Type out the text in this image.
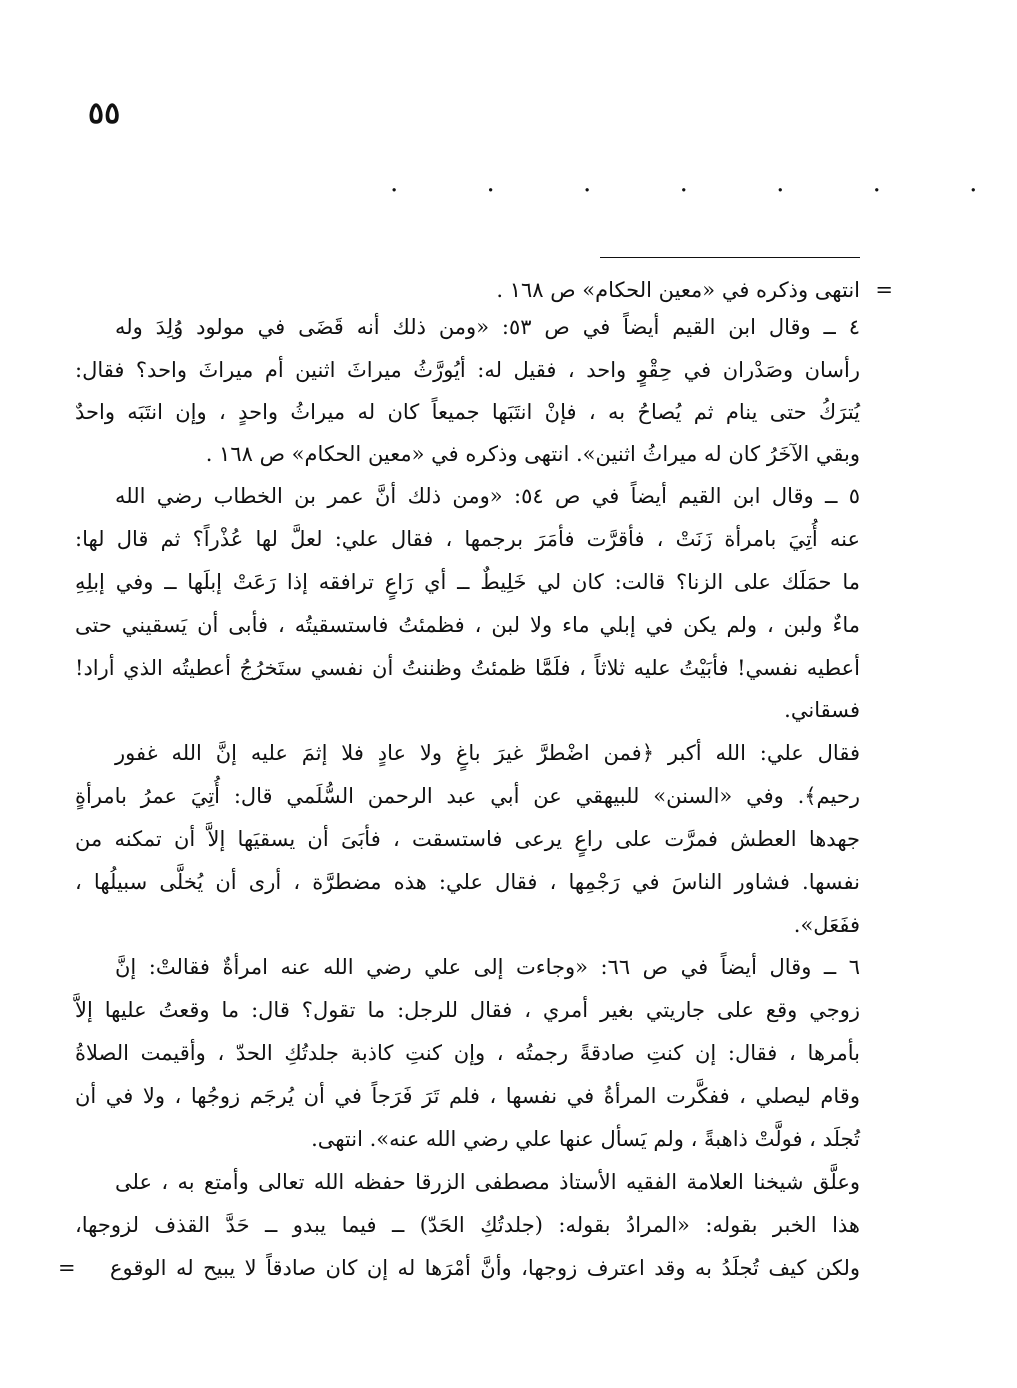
٥٥
. . . . . . .
=
انتهى وذكره في «معين الحكام» ص ١٦٨ .
٤ ــ وقال ابن القيم أيضاً في ص ٥٣: «ومن ذلك أنه قَضَى في مولود وُلِدَ وله
رأسان وصَدْران في حِقْوٍ واحد ، فقيل له: أيُورَّثُ ميراثَ اثنين أم ميراثَ واحد؟ فقال:
يُترَكُ حتى ينام ثم يُصاحُ به ، فإنْ انتَبَها جميعاً كان له ميراثُ واحدٍ ، وإن انتَبَه واحدٌ
وبقي الآخَرُ كان له ميراثُ اثنين». انتهى وذكره في «معين الحكام» ص ١٦٨ .
٥ ــ وقال ابن القيم أيضاً في ص ٥٤: «ومن ذلك أنَّ عمر بن الخطاب رضي الله
عنه أُتِيَ بامرأة زَنَتْ ، فأقرَّت فأمَرَ برجمها ، فقال علي: لعلَّ لها عُذْراً؟ ثم قال لها:
ما حمَلَك على الزنا؟ قالت: كان لي خَلِيطٌ ــ أي رَاعٍ ترافقه إذا رَعَتْ إبلَها ــ وفي إبلِهِ
ماءٌ ولبن ، ولم يكن في إبلي ماء ولا لبن ، فظمئتُ فاستسقيتُه ، فأبى أن يَسقيني حتى
أعطيه نفسي! فأبَيْتُ عليه ثلاثاً ، فلَمَّا ظمئتُ وظننتُ أن نفسي ستَخرُجُ أعطيتُه الذي أراد!
فسقاني.
فقال علي: الله أكبر ﴿فمن اضْطرَّ غيرَ باغٍ ولا عادٍ فلا إثمَ عليه إنَّ الله غفور
رحيم﴾. وفي «السنن» للبيهقي عن أبي عبد الرحمن السُّلَمي قال: أُتِيَ عمرُ بامرأةٍ
جهدها العطش فمرَّت على راعٍ يرعى فاستسقت ، فأبَىَ أن يسقيَها إلاَّ أن تمكنه من
نفسها. فشاور الناسَ في رَجْمِها ، فقال علي: هذه مضطرَّة ، أرى أن يُخلَّى سبيلُها ،
ففَعَل».
٦ ــ وقال أيضاً في ص ٦٦: «وجاءت إلى علي رضي الله عنه امرأةٌ فقالتْ: إنَّ
زوجي وقع على جاريتي بغير أمري ، فقال للرجل: ما تقول؟ قال: ما وقعتُ عليها إلاَّ
بأمرها ، فقال: إن كنتِ صادقةً رجمتُه ، وإن كنتِ كاذبة جلدتُكِ الحدّ ، وأقيمت الصلاةُ
وقام ليصلي ، ففكَّرت المرأةُ في نفسها ، فلم تَرَ فَرَجاً في أن يُرجَم زوجُها ، ولا في أن
تُجلَد ، فولَّتْ ذاهبةً ، ولم يَسأل عنها علي رضي الله عنه». انتهى.
وعلَّق شيخنا العلامة الفقيه الأستاذ مصطفى الزرقا حفظه الله تعالى وأمتع به ، على
هذا الخبر بقوله: «المرادُ بقوله: (جلدتُكِ الحَدّ) ــ فيما يبدو ــ حَدَّ القذف لزوجها،
ولكن كيف تُجلَدُ به وقد اعترف زوجها، وأنَّ أمْرَها له إن كان صادقاً لا يبيح له الوقوع
=
